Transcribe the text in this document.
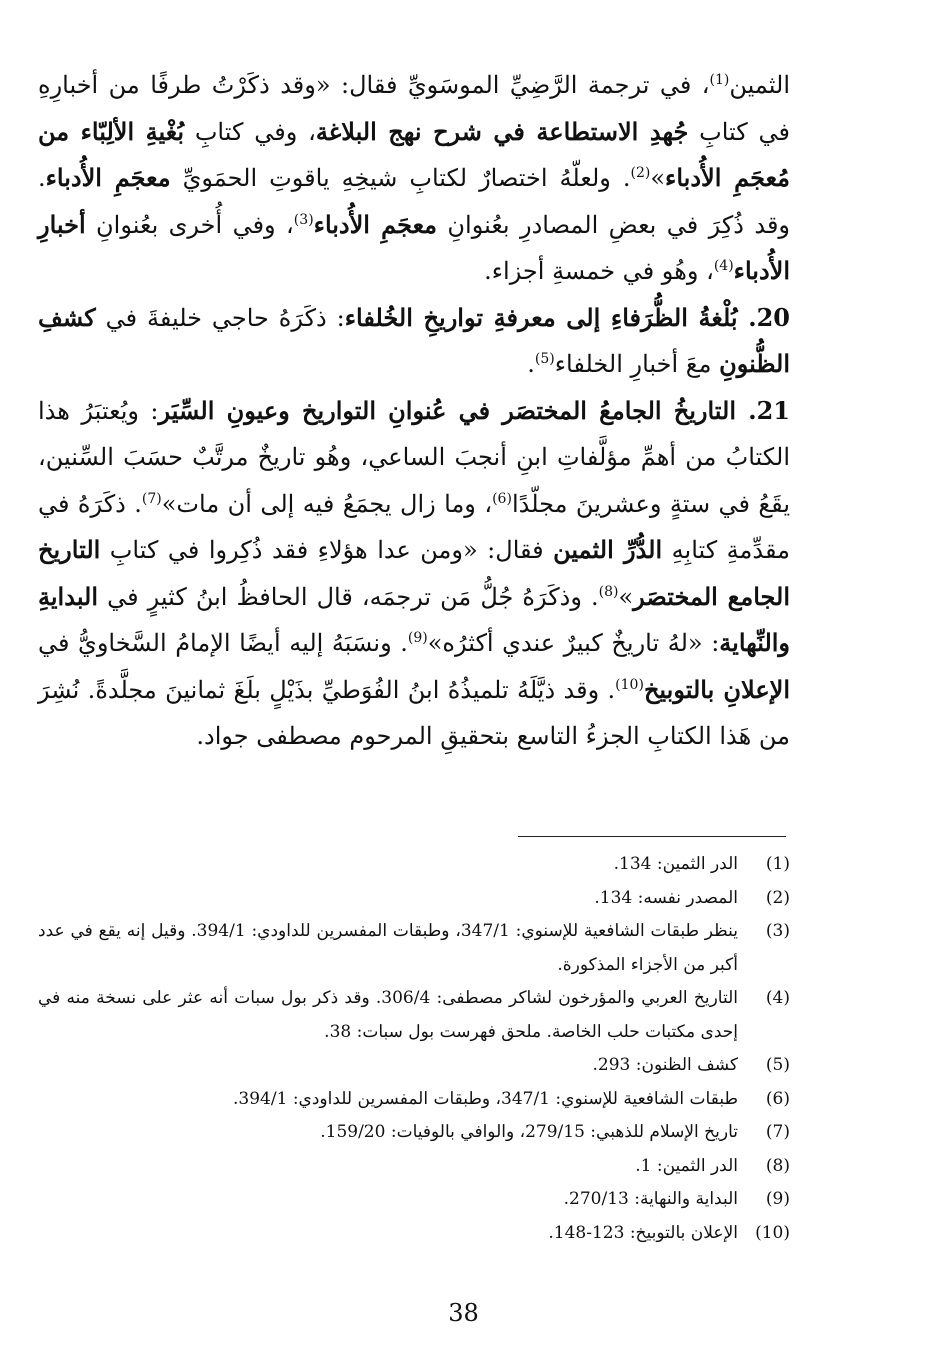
الثمين$^{(1)}$، في ترجمة الرَّضِيِّ الموسَويِّ فقال: «وقد ذكَرْتُ طرفًا من أخبارِهِ في كتابِ جُهدِ الاستطاعة في شرح نهج البلاغة، وفي كتابِ بُغْيةِ الألِبّاء من مُعجَمِ الأُدباء»$^{(2)}$. ولعلّهُ اختصارٌ لكتابِ شيخِهِ ياقوتِ الحمَويِّ معجَمِ الأُدباء. وقد ذُكِرَ في بعضِ المصادرِ بعُنوانِ معجَمِ الأُدباء$^{(3)}$، وفي أُخرى بعُنوانِ أخبارِ الأُدباء$^{(4)}$، وهُو في خمسةِ أجزاء.

20. بُلْغةُ الظُّرَفاءِ إلى معرفةِ تواريخِ الخُلفاء: ذكَرَهُ حاجي خليفةَ في كشفِ الظُّنونِ معَ أخبارِ الخلفاء$^{(5)}$.

21. التاريخُ الجامعُ المختصَر في عُنوانِ التواريخ وعيونِ السِّيَر: ويُعتبَرُ هذا الكتابُ من أهمِّ مؤلَّفاتِ ابنِ أنجبَ الساعي، وهُو تاريخٌ مرتَّبٌ حسَبَ السِّنين، يقَعُ في ستةٍ وعشرينَ مجلّدًا$^{(6)}$، وما زال يجمَعُ فيه إلى أن مات»$^{(7)}$. ذكَرَهُ في مقدِّمةِ كتابِهِ الدُّرِّ الثمين فقال: «ومن عدا هؤلاءِ فقد ذُكِروا في كتابِ التاريخ الجامع المختصَر»$^{(8)}$. وذكَرَهُ جُلُّ مَن ترجمَه، قال الحافظُ ابنُ كثيرٍ في البدايةِ والنِّهاية: «لهُ تاريخٌ كبيرٌ عندي أكثرُه»$^{(9)}$. ونسَبَهُ إليه أيضًا الإمامُ السَّخاويُّ في الإعلانِ بالتوبيخ$^{(10)}$. وقد ذيَّلَهُ تلميذُهُ ابنُ الفُوَطيِّ بذَيْلٍ بلَغَ ثمانينَ مجلَّدةً. نُشِرَ من هَذا الكتابِ الجزءُ التاسع بتحقيقِ المرحوم مصطفى جواد.

(1)
الدر الثمين: 134.
(2)
المصدر نفسه: 134.
(3)
ينظر طبقات الشافعية للإسنوي: 347/1، وطبقات المفسرين للداودي: 394/1. وقيل إنه يقع في عدد أكبر من الأجزاء المذكورة.
(4)
التاريخ العربي والمؤرخون لشاكر مصطفى: 306/4. وقد ذكر بول سبات أنه عثر على نسخة منه في إحدى مكتبات حلب الخاصة. ملحق فهرست بول سبات: 38.
(5)
كشف الظنون: 293.
(6)
طبقات الشافعية للإسنوي: 347/1، وطبقات المفسرين للداودي: 394/1.
(7)
تاريخ الإسلام للذهبي: 279/15، والوافي بالوفيات: 159/20.
(8)
الدر الثمين: 1.
(9)
البداية والنهاية: 270/13.
(10)
الإعلان بالتوبيخ: 123-148.
38
